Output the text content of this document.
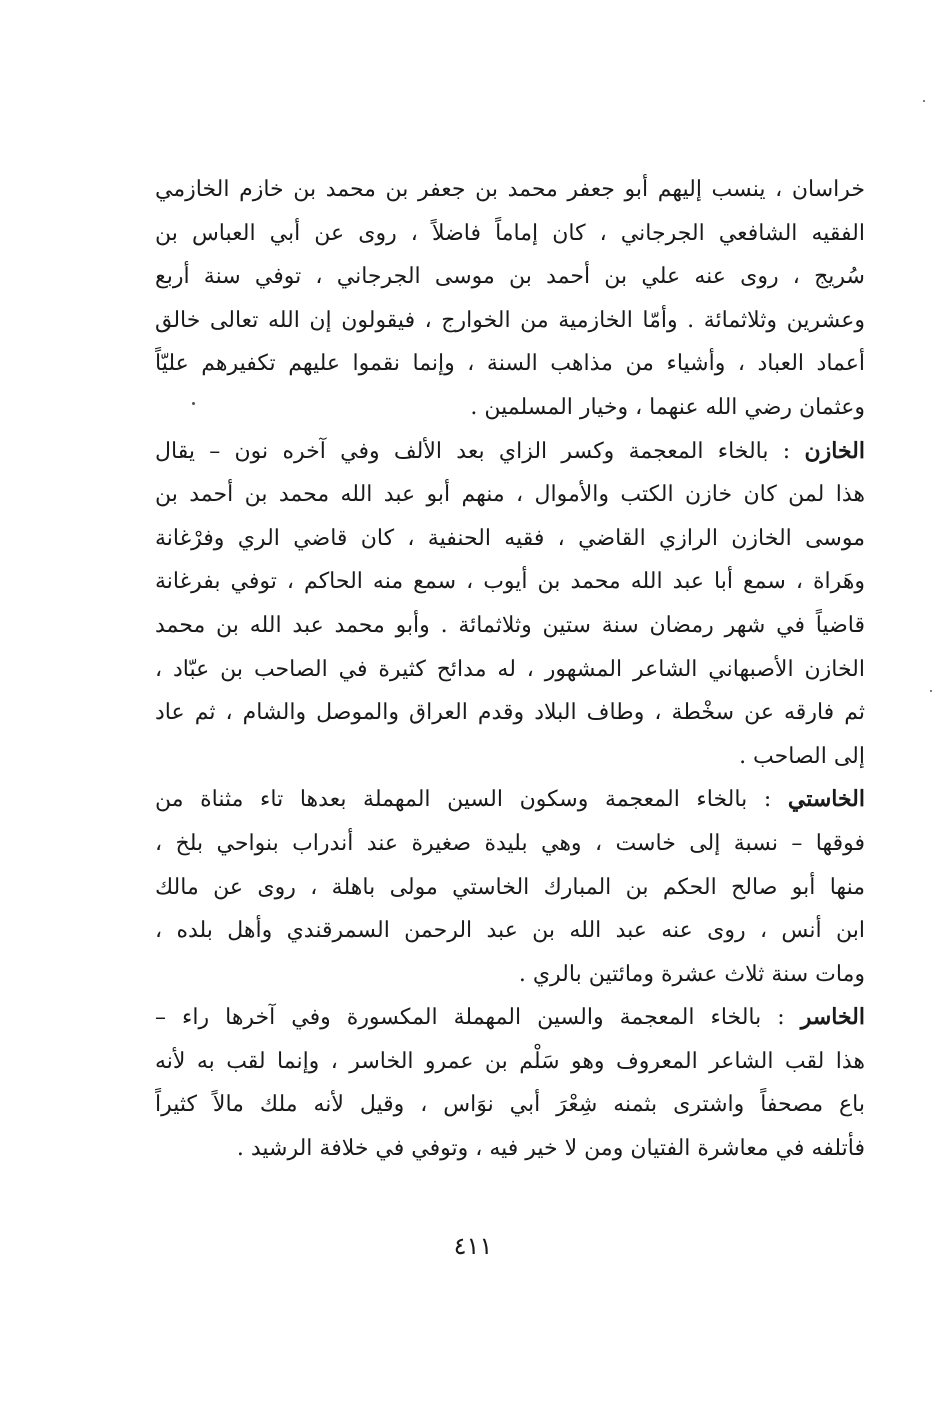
خراسان ، ينسب إليهم أبو جعفر محمد بن جعفر بن محمد بن خازم الخازمي
الفقيه الشافعي الجرجاني ، كان إماماً فاضلاً ، روى عن أبي العباس بن
سُريج ، روى عنه علي بن أحمد بن موسى الجرجاني ، توفي سنة أربع
وعشرين وثلاثمائة . وأمّا الخازمية من الخوارج ، فيقولون إن الله تعالى خالق
أعماد العباد ، وأشياء من مذاهب السنة ، وإنما نقموا عليهم تكفيرهم عليّاً
وعثمان رضي الله عنهما ، وخيار المسلمين .
الخازن : بالخاء المعجمة وكسر الزاي بعد الألف وفي آخره نون – يقال
هذا لمن كان خازن الكتب والأموال ، منهم أبو عبد الله محمد بن أحمد بن
موسى الخازن الرازي القاضي ، فقيه الحنفية ، كان قاضي الري وفرْغانة
وهَراة ، سمع أبا عبد الله محمد بن أيوب ، سمع منه الحاكم ، توفي بفرغانة
قاضياً في شهر رمضان سنة ستين وثلاثمائة . وأبو محمد عبد الله بن محمد
الخازن الأصبهاني الشاعر المشهور ، له مدائح كثيرة في الصاحب بن عبّاد ،
ثم فارقه عن سخْطة ، وطاف البلاد وقدم العراق والموصل والشام ، ثم عاد
إلى الصاحب .
الخاستي : بالخاء المعجمة وسكون السين المهملة بعدها تاء مثناة من
فوقها – نسبة إلى خاست ، وهي بليدة صغيرة عند أندراب بنواحي بلخ ،
منها أبو صالح الحكم بن المبارك الخاستي مولى باهلة ، روى عن مالك
ابن أنس ، روى عنه عبد الله بن عبد الرحمن السمرقندي وأهل بلده ،
ومات سنة ثلاث عشرة ومائتين بالري .
الخاسر : بالخاء المعجمة والسين المهملة المكسورة وفي آخرها راء –
هذا لقب الشاعر المعروف وهو سَلْم بن عمرو الخاسر ، وإنما لقب به لأنه
باع مصحفاً واشترى بثمنه شِعْرَ أبي نوَاس ، وقيل لأنه ملك مالاً كثيراً
فأتلفه في معاشرة الفتيان ومن لا خير فيه ، وتوفي في خلافة الرشيد .
٤١١
